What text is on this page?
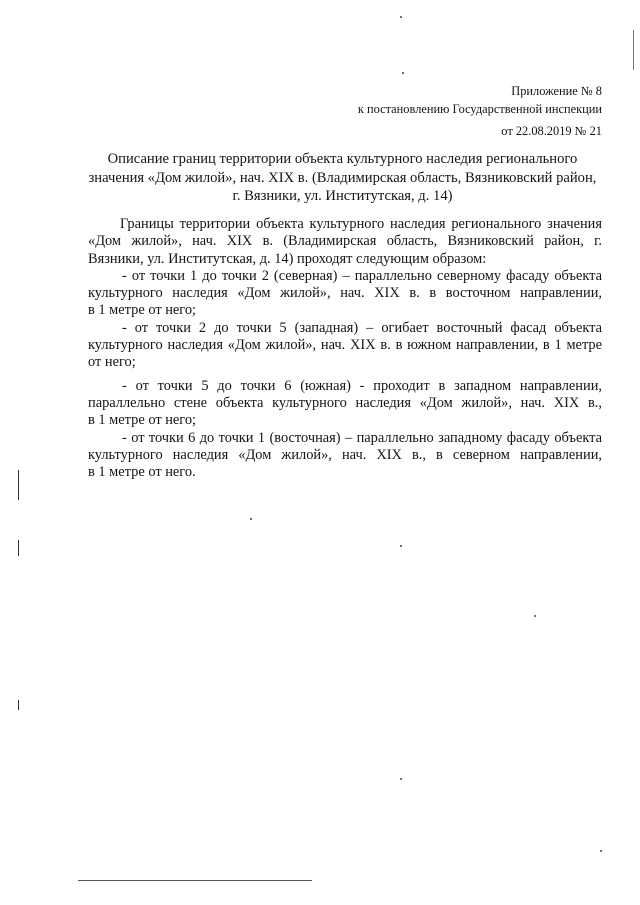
Приложение № 8
к постановлению Государственной инспекции
от 22.08.2019 № 21
Описание границ территории объекта культурного наследия регионального
значения «Дом жилой», нач. XIX в. (Владимирская область, Вязниковский район,
г. Вязники, ул. Институтская, д. 14)
Границы территории объекта культурного наследия регионального значения
«Дом жилой», нач. XIX в. (Владимирская область, Вязниковский район, г.
Вязники, ул. Институтская, д. 14) проходят следующим образом:
- от точки 1 до точки 2 (северная) – параллельно северному фасаду объекта
культурного наследия «Дом жилой», нач. XIX в. в восточном направлении,
в 1 метре от него;
- от точки 2 до точки 5 (западная) – огибает восточный фасад объекта
культурного наследия «Дом жилой», нач. XIX в. в южном направлении, в 1 метре
от него;
- от точки 5 до точки 6 (южная) - проходит в западном направлении,
параллельно стене объекта культурного наследия «Дом жилой», нач. XIX в.,
в 1 метре от него;
- от точки 6 до точки 1 (восточная) – параллельно западному фасаду объекта
культурного наследия «Дом жилой», нач. XIX в., в северном направлении,
в 1 метре от него.
